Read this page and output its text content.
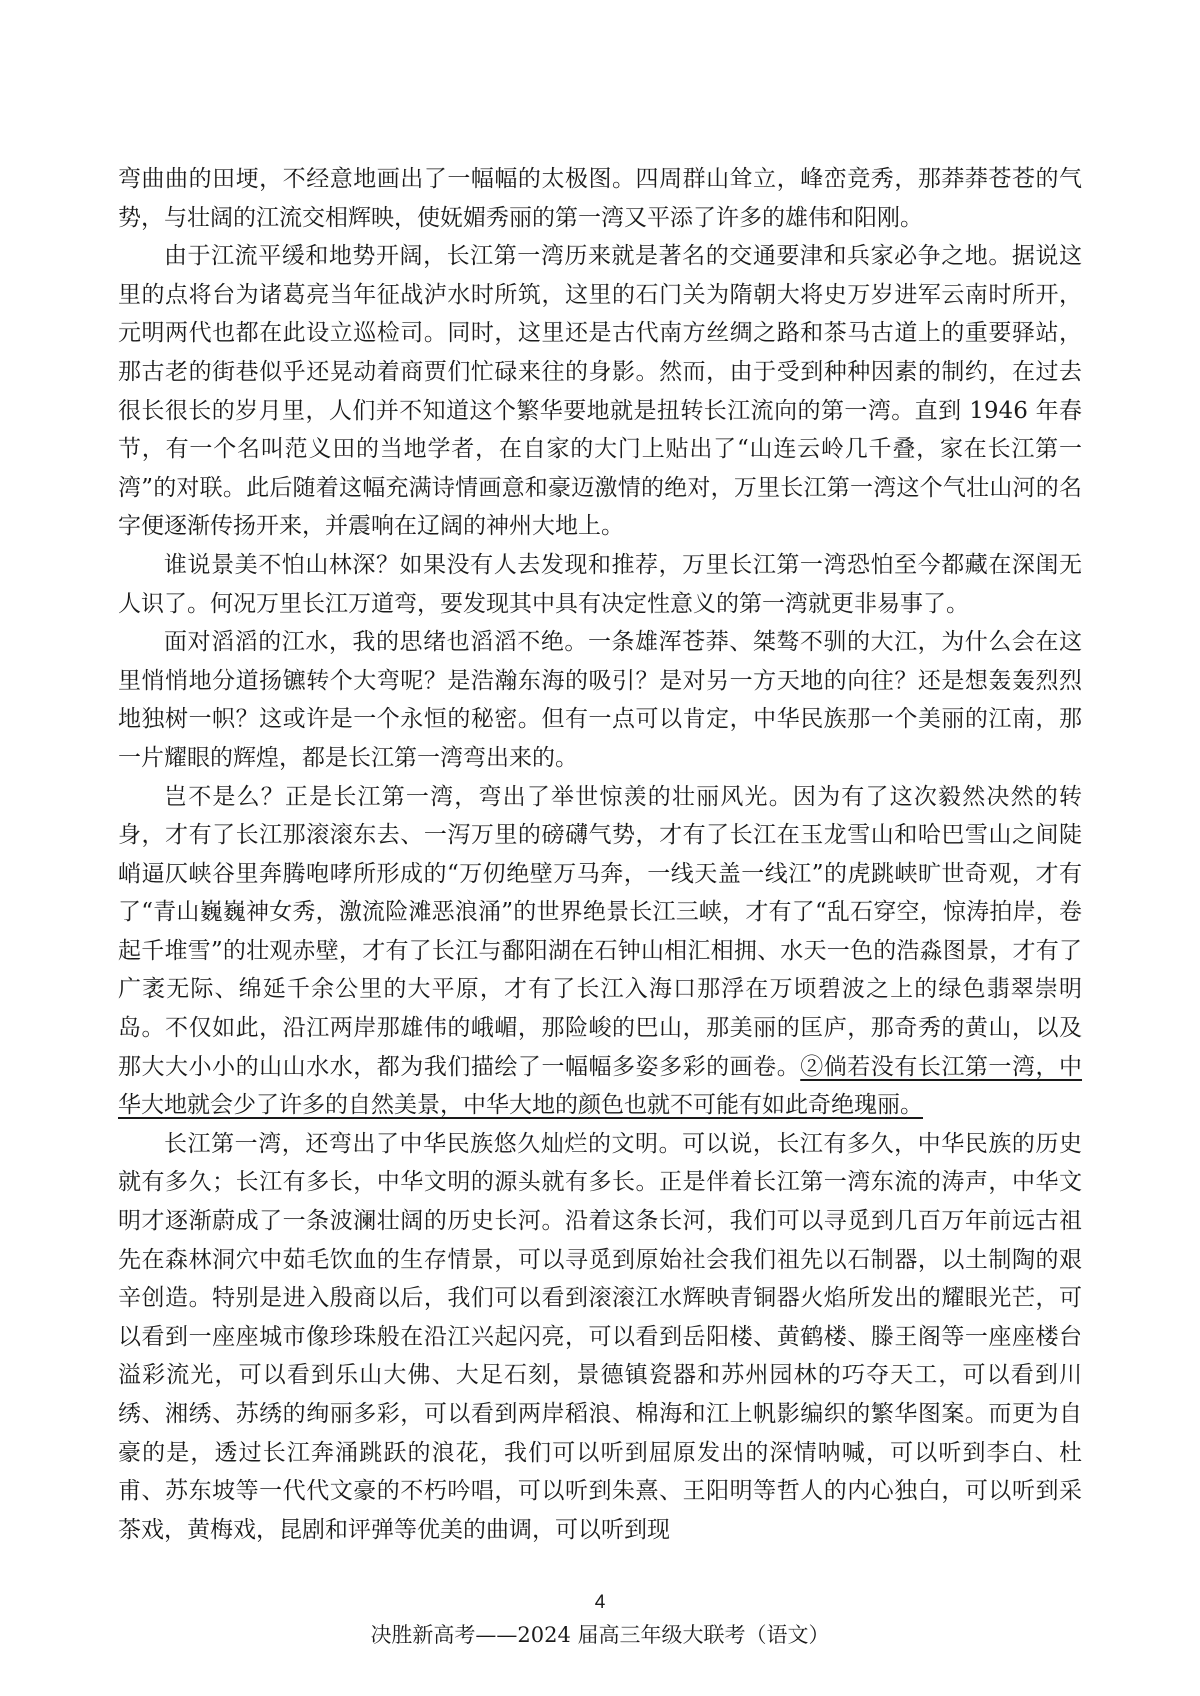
弯曲曲的田埂，不经意地画出了一幅幅的太极图。四周群山耸立，峰峦竞秀，那莽莽苍苍的气势，与壮阔的江流交相辉映，使妩媚秀丽的第一湾又平添了许多的雄伟和阳刚。

由于江流平缓和地势开阔，长江第一湾历来就是著名的交通要津和兵家必争之地。据说这里的点将台为诸葛亮当年征战泸水时所筑，这里的石门关为隋朝大将史万岁进军云南时所开，元明两代也都在此设立巡检司。同时，这里还是古代南方丝绸之路和茶马古道上的重要驿站，那古老的街巷似乎还晃动着商贾们忙碌来往的身影。然而，由于受到种种因素的制约，在过去很长很长的岁月里，人们并不知道这个繁华要地就是扭转长江流向的第一湾。直到 1946 年春节，有一个名叫范义田的当地学者，在自家的大门上贴出了“山连云岭几千叠，家在长江第一湾”的对联。此后随着这幅充满诗情画意和豪迈激情的绝对，万里长江第一湾这个气壮山河的名字便逐渐传扬开来，并震响在辽阔的神州大地上。

谁说景美不怕山林深？如果没有人去发现和推荐，万里长江第一湾恐怕至今都藏在深闺无人识了。何况万里长江万道弯，要发现其中具有决定性意义的第一湾就更非易事了。

面对滔滔的江水，我的思绪也滔滔不绝。一条雄浑苍莽、桀骜不驯的大江，为什么会在这里悄悄地分道扬镳转个大弯呢？是浩瀚东海的吸引？是对另一方天地的向往？还是想轰轰烈烈地独树一帜？这或许是一个永恒的秘密。但有一点可以肯定，中华民族那一个美丽的江南，那一片耀眼的辉煌，都是长江第一湾弯出来的。

岂不是么？正是长江第一湾，弯出了举世惊羡的壮丽风光。因为有了这次毅然决然的转身，才有了长江那滚滚东去、一泻万里的磅礴气势，才有了长江在玉龙雪山和哈巴雪山之间陡峭逼仄峡谷里奔腾咆哮所形成的“万仞绝壁万马奔，一线天盖一线江”的虎跳峡旷世奇观，才有了“青山巍巍神女秀，激流险滩恶浪涌”的世界绝景长江三峡，才有了“乱石穿空，惊涛拍岸，卷起千堆雪”的壮观赤壁，才有了长江与鄱阳湖在石钟山相汇相拥、水天一色的浩淼图景，才有了广袤无际、绵延千余公里的大平原，才有了长江入海口那浮在万顷碧波之上的绿色翡翠崇明岛。不仅如此，沿江两岸那雄伟的峨嵋，那险峻的巴山，那美丽的匡庐，那奇秀的黄山，以及那大大小小的山山水水，都为我们描绘了一幅幅多姿多彩的画卷。②倘若没有长江第一湾，中华大地就会少了许多的自然美景，中华大地的颜色也就不可能有如此奇绝瑰丽。

长江第一湾，还弯出了中华民族悠久灿烂的文明。可以说，长江有多久，中华民族的历史就有多久；长江有多长，中华文明的源头就有多长。正是伴着长江第一湾东流的涛声，中华文明才逐渐蔚成了一条波澜壮阔的历史长河。沿着这条长河，我们可以寻觅到几百万年前远古祖先在森林洞穴中茹毛饮血的生存情景，可以寻觅到原始社会我们祖先以石制器，以土制陶的艰辛创造。特别是进入殷商以后，我们可以看到滚滚江水辉映青铜器火焰所发出的耀眼光芒，可以看到一座座城市像珍珠般在沿江兴起闪亮，可以看到岳阳楼、黄鹤楼、滕王阁等一座座楼台溢彩流光，可以看到乐山大佛、大足石刻，景德镇瓷器和苏州园林的巧夺天工，可以看到川绣、湘绣、苏绣的绚丽多彩，可以看到两岸稻浪、棉海和江上帆影编织的繁华图案。而更为自豪的是，透过长江奔涌跳跃的浪花，我们可以听到屈原发出的深情呐喊，可以听到李白、杜甫、苏东坡等一代代文豪的不朽吟唱，可以听到朱熹、王阳明等哲人的内心独白，可以听到采茶戏，黄梅戏，昆剧和评弹等优美的曲调，可以听到现

4
决胜新高考——2024 届高三年级大联考（语文）
